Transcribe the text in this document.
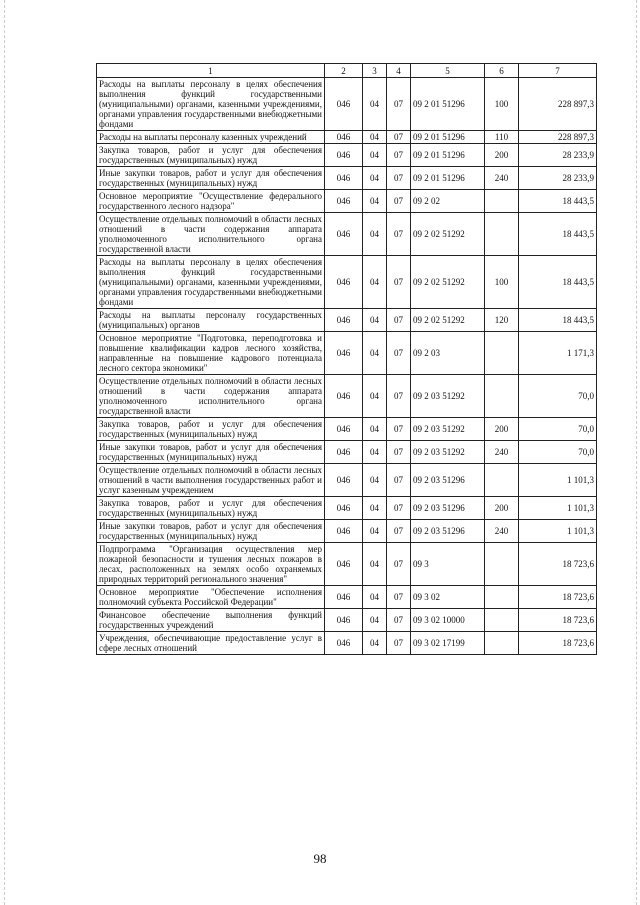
1	2	3	4	5	6	7
Расходы на выплаты персоналу в целях обеспечения выполнения функций государственными (муниципальными) органами, казенными учреждениями, органами управления государственными внебюджетными фондами	046	04	07	09 2 01 51296	100	228 897,3
Расходы на выплаты персоналу казенных учреждений	046	04	07	09 2 01 51296	110	228 897,3
Закупка товаров, работ и услуг для обеспечения государственных (муниципальных) нужд	046	04	07	09 2 01 51296	200	28 233,9
Иные закупки товаров, работ и услуг для обеспечения государственных (муниципальных) нужд	046	04	07	09 2 01 51296	240	28 233,9
Основное мероприятие "Осуществление федерального государственного лесного надзора"	046	04	07	09 2 02		18 443,5
Осуществление отдельных полномочий в области лесных отношений в части содержания аппарата уполномоченного исполнительного органа государственной власти	046	04	07	09 2 02 51292		18 443,5
Расходы на выплаты персоналу в целях обеспечения выполнения функций государственными (муниципальными) органами, казенными учреждениями, органами управления государственными внебюджетными фондами	046	04	07	09 2 02 51292	100	18 443,5
Расходы на выплаты персоналу государственных (муниципальных) органов	046	04	07	09 2 02 51292	120	18 443,5
Основное мероприятие "Подготовка, переподготовка и повышение квалификации кадров лесного хозяйства, направленные на повышение кадрового потенциала лесного сектора экономики"	046	04	07	09 2 03		1 171,3
Осуществление отдельных полномочий в области лесных отношений в части содержания аппарата уполномоченного исполнительного органа государственной власти	046	04	07	09 2 03 51292		70,0
Закупка товаров, работ и услуг для обеспечения государственных (муниципальных) нужд	046	04	07	09 2 03 51292	200	70,0
Иные закупки товаров, работ и услуг для обеспечения государственных (муниципальных) нужд	046	04	07	09 2 03 51292	240	70,0
Осуществление отдельных полномочий в области лесных отношений в части выполнения государственных работ и услуг казенным учреждением	046	04	07	09 2 03 51296		1 101,3
Закупка товаров, работ и услуг для обеспечения государственных (муниципальных) нужд	046	04	07	09 2 03 51296	200	1 101,3
Иные закупки товаров, работ и услуг для обеспечения государственных (муниципальных) нужд	046	04	07	09 2 03 51296	240	1 101,3
Подпрограмма "Организация осуществления мер пожарной безопасности и тушения лесных пожаров в лесах, расположенных на землях особо охраняемых природных территорий регионального значения"	046	04	07	09 3		18 723,6
Основное мероприятие "Обеспечение исполнения полномочий субъекта Российской Федерации"	046	04	07	09 3 02		18 723,6
Финансовое обеспечение выполнения функций государственных учреждений	046	04	07	09 3 02 10000		18 723,6
Учреждения, обеспечивающие предоставление услуг в сфере лесных отношений	046	04	07	09 3 02 17199		18 723,6
98
